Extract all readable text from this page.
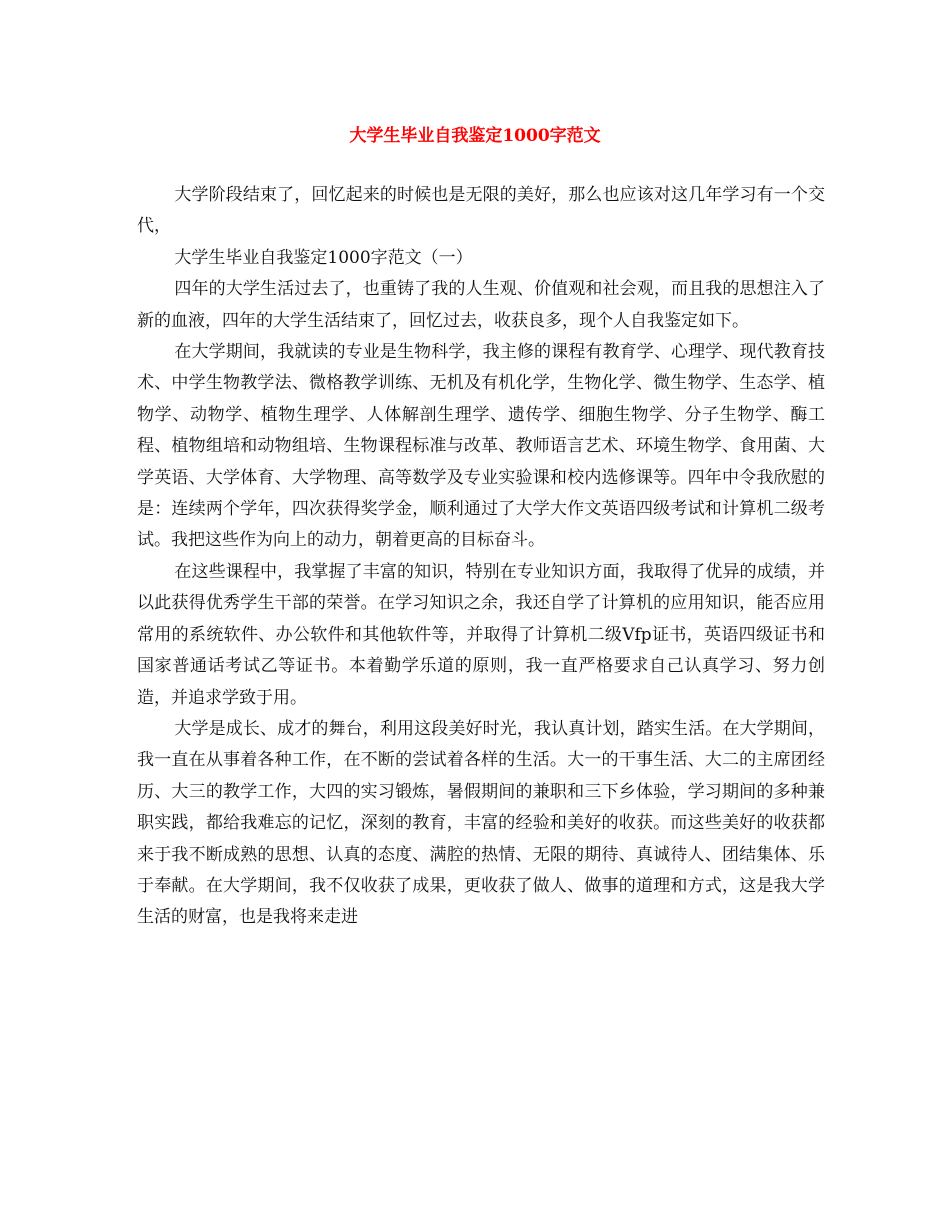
大学生毕业自我鉴定1000字范文

大学阶段结束了，回忆起来的时候也是无限的美好，那么也应该对这几年学习有一个交代，

大学生毕业自我鉴定1000字范文（一）

四年的大学生活过去了，也重铸了我的人生观、价值观和社会观，而且我的思想注入了新的血液，四年的大学生活结束了，回忆过去，收获良多，现个人自我鉴定如下。

在大学期间，我就读的专业是生物科学，我主修的课程有教育学、心理学、现代教育技术、中学生物教学法、微格教学训练、无机及有机化学，生物化学、微生物学、生态学、植物学、动物学、植物生理学、人体解剖生理学、遗传学、细胞生物学、分子生物学、酶工程、植物组培和动物组培、生物课程标准与改革、教师语言艺术、环境生物学、食用菌、大学英语、大学体育、大学物理、高等数学及专业实验课和校内选修课等。四年中令我欣慰的是：连续两个学年，四次获得奖学金，顺利通过了大学大作文英语四级考试和计算机二级考试。我把这些作为向上的动力，朝着更高的目标奋斗。

在这些课程中，我掌握了丰富的知识，特别在专业知识方面，我取得了优异的成绩，并以此获得优秀学生干部的荣誉。在学习知识之余，我还自学了计算机的应用知识，能否应用常用的系统软件、办公软件和其他软件等，并取得了计算机二级Vfp证书，英语四级证书和国家普通话考试乙等证书。本着勤学乐道的原则，我一直严格要求自己认真学习、努力创造，并追求学致于用。

大学是成长、成才的舞台，利用这段美好时光，我认真计划，踏实生活。在大学期间，我一直在从事着各种工作，在不断的尝试着各样的生活。大一的干事生活、大二的主席团经历、大三的教学工作，大四的实习锻炼，暑假期间的兼职和三下乡体验，学习期间的多种兼职实践，都给我难忘的记忆，深刻的教育，丰富的经验和美好的收获。而这些美好的收获都来于我不断成熟的思想、认真的态度、满腔的热情、无限的期待、真诚待人、团结集体、乐于奉献。在大学期间，我不仅收获了成果，更收获了做人、做事的道理和方式，这是我大学生活的财富，也是我将来走进
